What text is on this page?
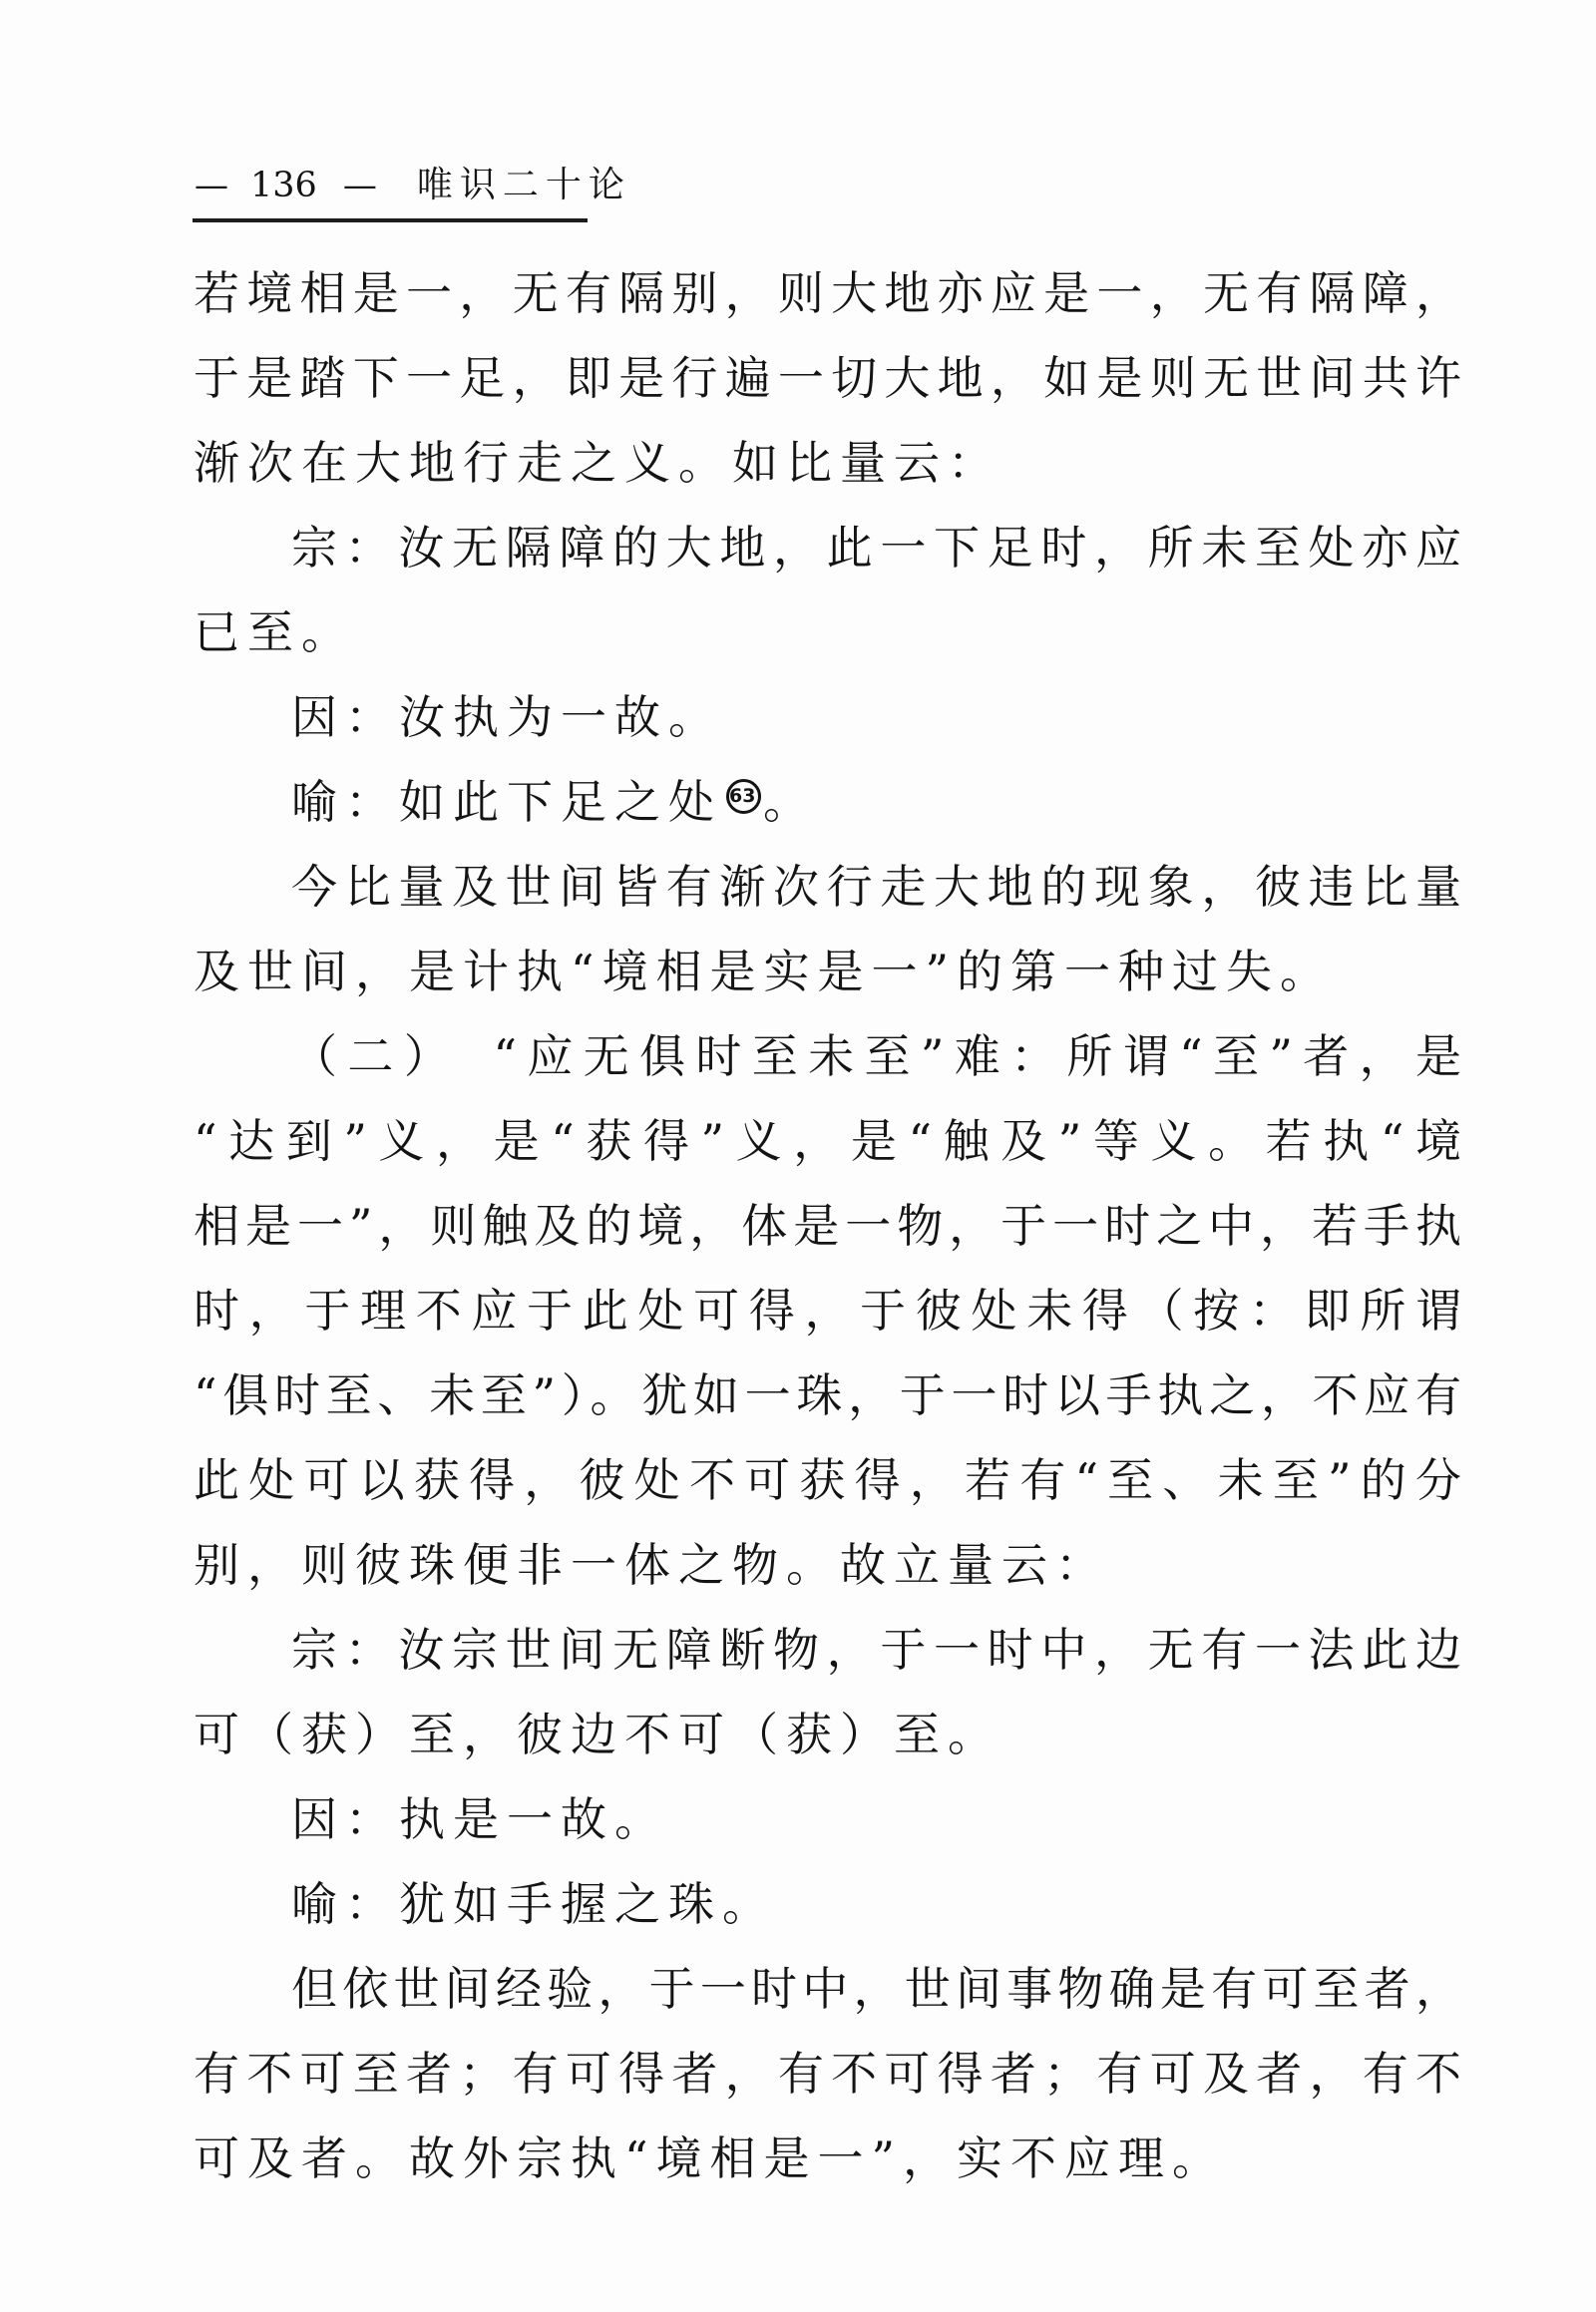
— 136 — 唯识二十论
若境相是一，无有隔别，则大地亦应是一，无有隔障，
于是踏下一足，即是行遍一切大地，如是则无世间共许
渐次在大地行走之义。如比量云：
宗：汝无隔障的大地，此一下足时，所未至处亦应
已至。
因：汝执为一故。
喻：如此下足之处 63 。
今比量及世间皆有渐次行走大地的现象，彼违比量
及世间，是计执“境相是实是一”的第一种过失。
（二）　“应无俱时至未至”难：所谓“至”者，是
“达到”义，是“获得”义，是“触及”等义。若执“境
相是一”，则触及的境，体是一物，于一时之中，若手执
时，于理不应于此处可得，于彼处未得（按：即所谓
“俱时至、未至”）。犹如一珠，于一时以手执之，不应有
此处可以获得，彼处不可获得，若有“至、未至”的分
别，则彼珠便非一体之物。故立量云：
宗：汝宗世间无障断物，于一时中，无有一法此边
可（获）至，彼边不可（获）至。
因：执是一故。
喻：犹如手握之珠。
但依世间经验，于一时中，世间事物确是有可至者，
有不可至者；有可得者，有不可得者；有可及者，有不
可及者。故外宗执“境相是一”，实不应理。
